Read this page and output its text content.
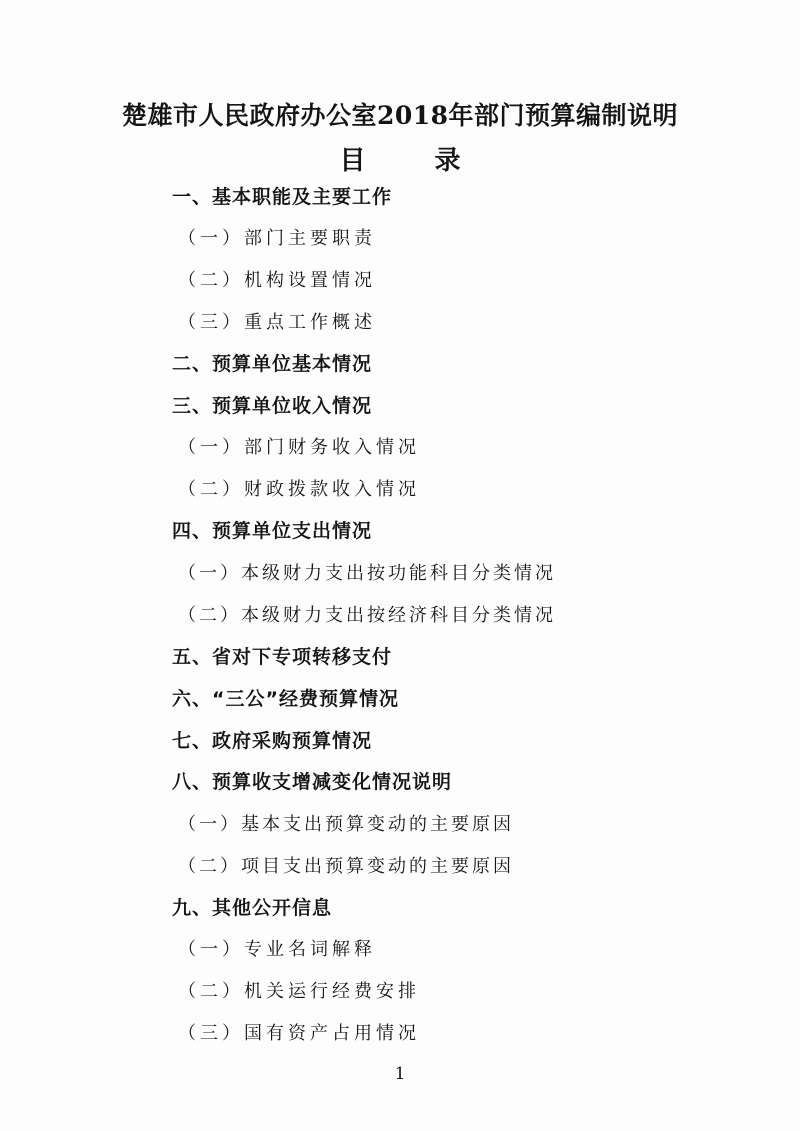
楚雄市人民政府办公室2018年部门预算编制说明
目 录
一、基本职能及主要工作
（一）部门主要职责
（二）机构设置情况
（三）重点工作概述
二、预算单位基本情况
三、预算单位收入情况
（一）部门财务收入情况
（二）财政拨款收入情况
四、预算单位支出情况
（一）本级财力支出按功能科目分类情况
（二）本级财力支出按经济科目分类情况
五、省对下专项转移支付
六、“三公”经费预算情况
七、政府采购预算情况
八、预算收支增减变化情况说明
（一）基本支出预算变动的主要原因
（二）项目支出预算变动的主要原因
九、其他公开信息
（一）专业名词解释
（二）机关运行经费安排
（三）国有资产占用情况
1
